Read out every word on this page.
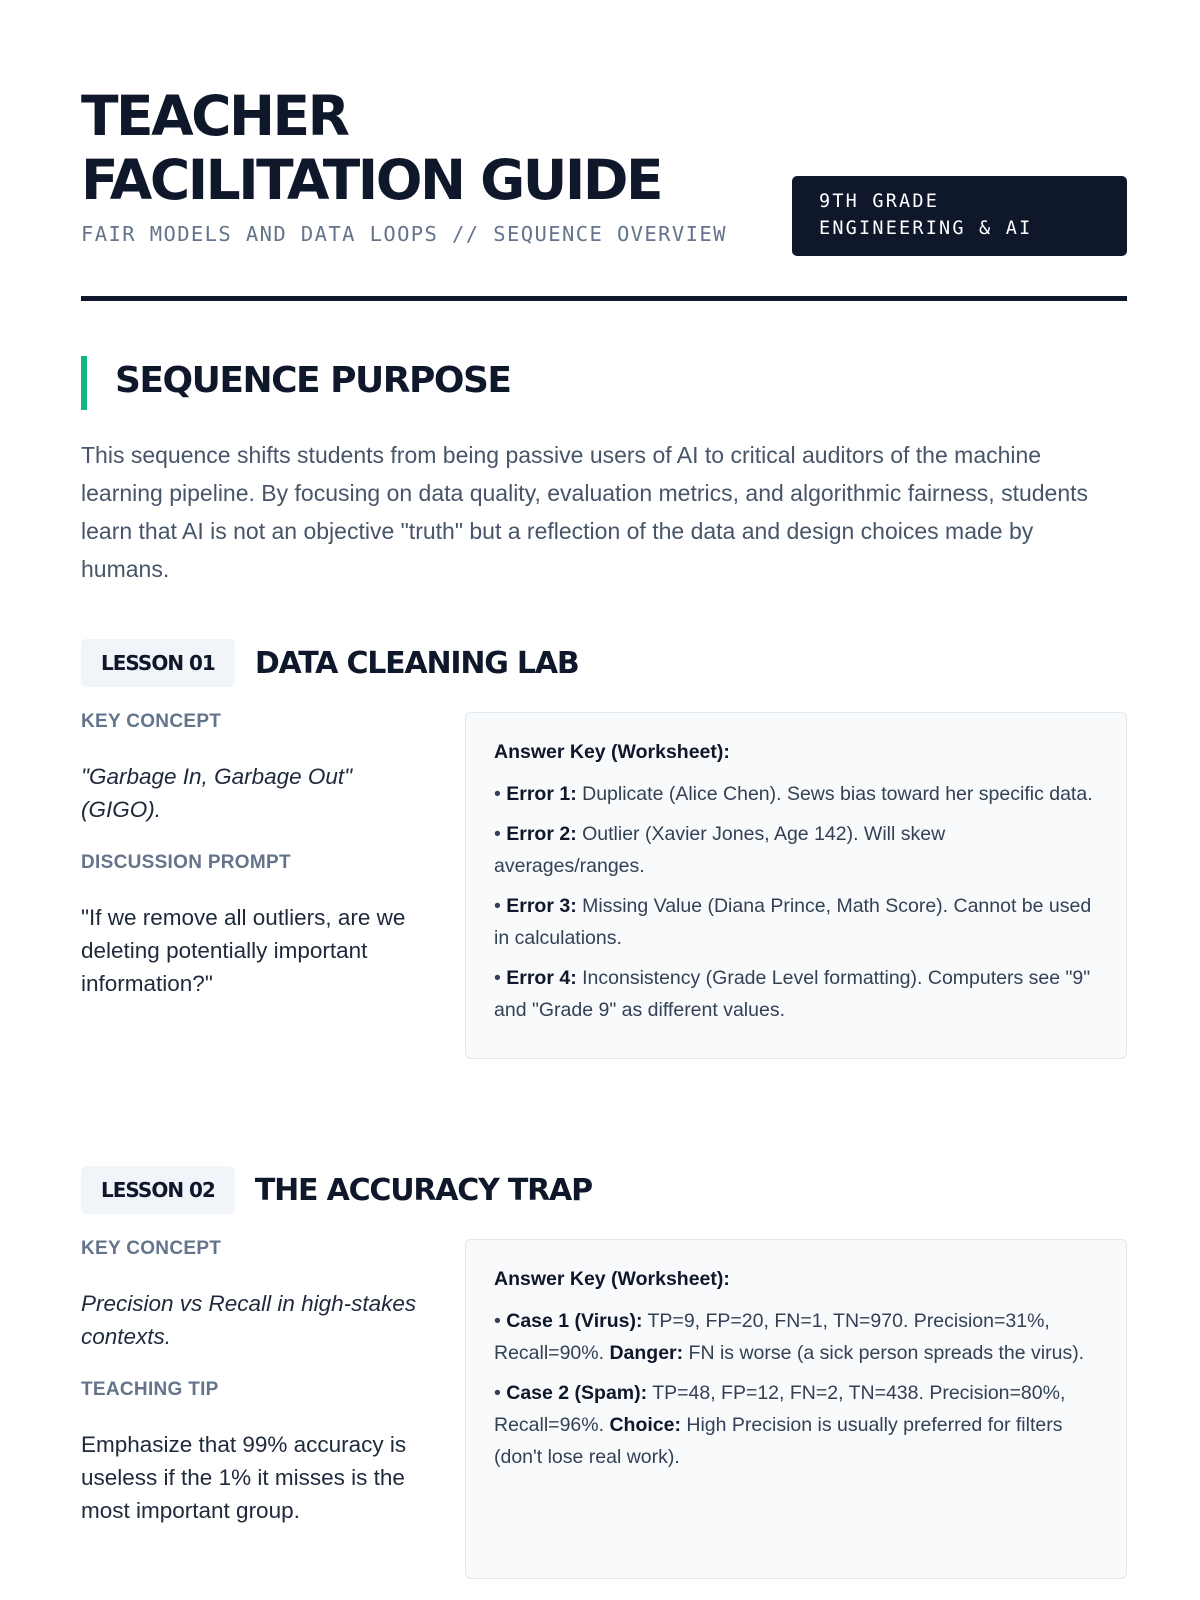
TEACHER
FACILITATION GUIDE
FAIR MODELS AND DATA LOOPS // SEQUENCE OVERVIEW
9TH GRADE
ENGINEERING & AI
SEQUENCE PURPOSE

This sequence shifts students from being passive users of AI to critical auditors of the machine learning pipeline. By focusing on data quality, evaluation metrics, and algorithmic fairness, students learn that AI is not an objective "truth" but a reflection of the data and design choices made by humans.

LESSON 01	DATA CLEANING LAB
KEY CONCEPT
"Garbage In, Garbage Out" (GIGO).
DISCUSSION PROMPT
"If we remove all outliers, are we deleting potentially important information?"
Answer Key (Worksheet):
• Error 1: Duplicate (Alice Chen). Sews bias toward her specific data.
• Error 2: Outlier (Xavier Jones, Age 142). Will skew averages/ranges.
• Error 3: Missing Value (Diana Prince, Math Score). Cannot be used in calculations.
• Error 4: Inconsistency (Grade Level formatting). Computers see "9" and "Grade 9" as different values.
LESSON 02	THE ACCURACY TRAP
KEY CONCEPT
Precision vs Recall in high-stakes contexts.
TEACHING TIP
Emphasize that 99% accuracy is useless if the 1% it misses is the most important group.
Answer Key (Worksheet):
• Case 1 (Virus): TP=9, FP=20, FN=1, TN=970. Precision=31%, Recall=90%. Danger: FN is worse (a sick person spreads the virus).
• Case 2 (Spam): TP=48, FP=12, FN=2, TN=438. Precision=80%, Recall=96%. Choice: High Precision is usually preferred for filters (don't lose real work).
